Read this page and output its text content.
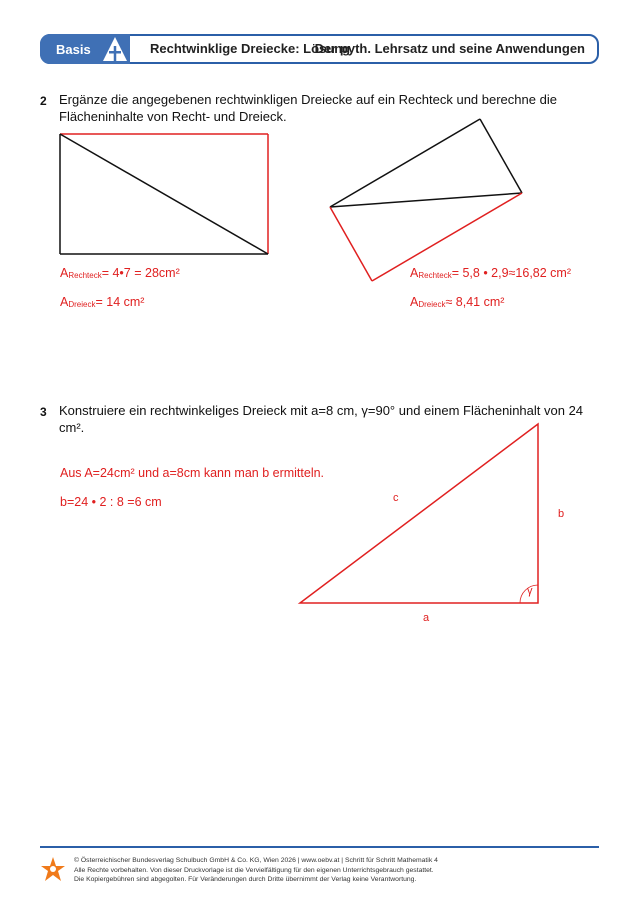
Basis	Rechtwinklige Dreiecke: Lösung
Der pyth. Lehrsatz und seine Anwendungen
2 Ergänze die angegebenen rechtwinkligen Dreiecke auf ein Rechteck und berechne die
Flächeninhalte von Recht- und Dreieck.
$A_{Rechteck}=$ 4•7 = 28cm²
$A_{Dreieck}= 14$ cm²
$A_{Rechteck}= 5,8$ • 2,9≈16,82 cm²
$A_{Dreieck}\approx 8,41$ cm²
3 Konstruiere ein rechtwinkeliges Dreieck mit a=8 cm, γ=90° und einem Flächeninhalt von 24
cm².
Aus A=24cm² und a=8cm kann man b ermitteln.
b=24 • 2 : 8 =6 cm
a
b
c
γ
© Österreichischer Bundesverlag Schulbuch GmbH & Co. KG, Wien 2026 | www.oebv.at | Schritt für Schritt Mathematik 4
Alle Rechte vorbehalten. Von dieser Druckvorlage ist die Vervielfältigung für den eigenen Unterrichtsgebrauch gestattet.
Die Kopiergebühren sind abgegolten. Für Veränderungen durch Dritte übernimmt der Verlag keine Verantwortung.
